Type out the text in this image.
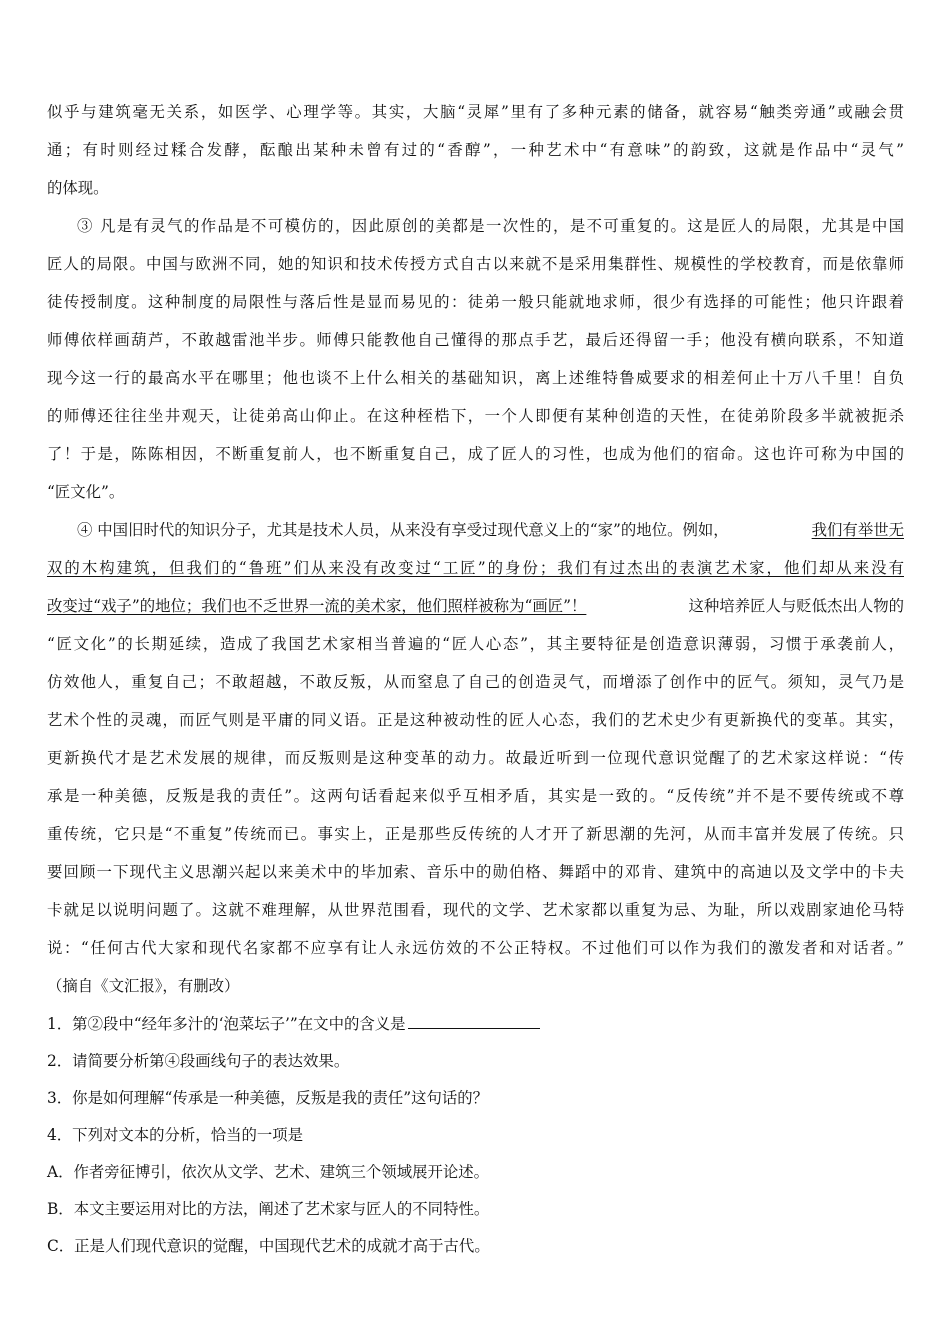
似乎与建筑毫无关系，如医学、心理学等。其实，大脑“灵犀”里有了多种元素的储备，就容易“触类旁通”或融会贯
通；有时则经过糅合发酵，酝酿出某种未曾有过的“香醇”，一种艺术中“有意味”的韵致，这就是作品中“灵气”
的体现。
③ 凡是有灵气的作品是不可模仿的，因此原创的美都是一次性的，是不可重复的。这是匠人的局限，尤其是中国
匠人的局限。中国与欧洲不同，她的知识和技术传授方式自古以来就不是采用集群性、规模性的学校教育，而是依靠师
徒传授制度。这种制度的局限性与落后性是显而易见的：徒弟一般只能就地求师，很少有选择的可能性；他只许跟着
师傅依样画葫芦，不敢越雷池半步。师傅只能教他自己懂得的那点手艺，最后还得留一手；他没有横向联系，不知道
现今这一行的最高水平在哪里；他也谈不上什么相关的基础知识，离上述维特鲁威要求的相差何止十万八千里！自负
的师傅还往往坐井观天，让徒弟高山仰止。在这种桎梏下，一个人即便有某种创造的天性，在徒弟阶段多半就被扼杀
了！于是，陈陈相因，不断重复前人，也不断重复自己，成了匠人的习性，也成为他们的宿命。这也许可称为中国的
“匠文化”。
④ 中国旧时代的知识分子，尤其是技术人员，从来没有享受过现代意义上的“家”的地位。例如，	我们有举世无
双的木构建筑，但我们的“鲁班”们从来没有改变过“工匠”的身份；我们有过杰出的表演艺术家，他们却从来没有
改变过“戏子”的地位；我们也不乏世界一流的美术家，他们照样被称为“画匠”！	这种培养匠人与贬低杰出人物的
“匠文化”的长期延续，造成了我国艺术家相当普遍的“匠人心态”，其主要特征是创造意识薄弱，习惯于承袭前人，
仿效他人，重复自己；不敢超越，不敢反叛，从而窒息了自己的创造灵气，而增添了创作中的匠气。须知，灵气乃是
艺术个性的灵魂，而匠气则是平庸的同义语。正是这种被动性的匠人心态，我们的艺术史少有更新换代的变革。其实，
更新换代才是艺术发展的规律，而反叛则是这种变革的动力。故最近听到一位现代意识觉醒了的艺术家这样说：“传
承是一种美德，反叛是我的责任”。这两句话看起来似乎互相矛盾，其实是一致的。“反传统”并不是不要传统或不尊
重传统，它只是“不重复”传统而已。事实上，正是那些反传统的人才开了新思潮的先河，从而丰富并发展了传统。只
要回顾一下现代主义思潮兴起以来美术中的毕加索、音乐中的勋伯格、舞蹈中的邓肯、建筑中的高迪以及文学中的卡夫
卡就足以说明问题了。这就不难理解，从世界范围看，现代的文学、艺术家都以重复为忌、为耻，所以戏剧家迪伦马特
说：“任何古代大家和现代名家都不应享有让人永远仿效的不公正特权。不过他们可以作为我们的激发者和对话者。”
（摘自《文汇报》，有删改）
1．第②段中“经年多汁的‘泡菜坛子’”在文中的含义是
2．请简要分析第④段画线句子的表达效果。
3．你是如何理解“传承是一种美德，反叛是我的责任”这句话的？
4．下列对文本的分析，恰当的一项是
A．作者旁征博引，依次从文学、艺术、建筑三个领域展开论述。
B．本文主要运用对比的方法，阐述了艺术家与匠人的不同特性。
C．正是人们现代意识的觉醒，中国现代艺术的成就才高于古代。
